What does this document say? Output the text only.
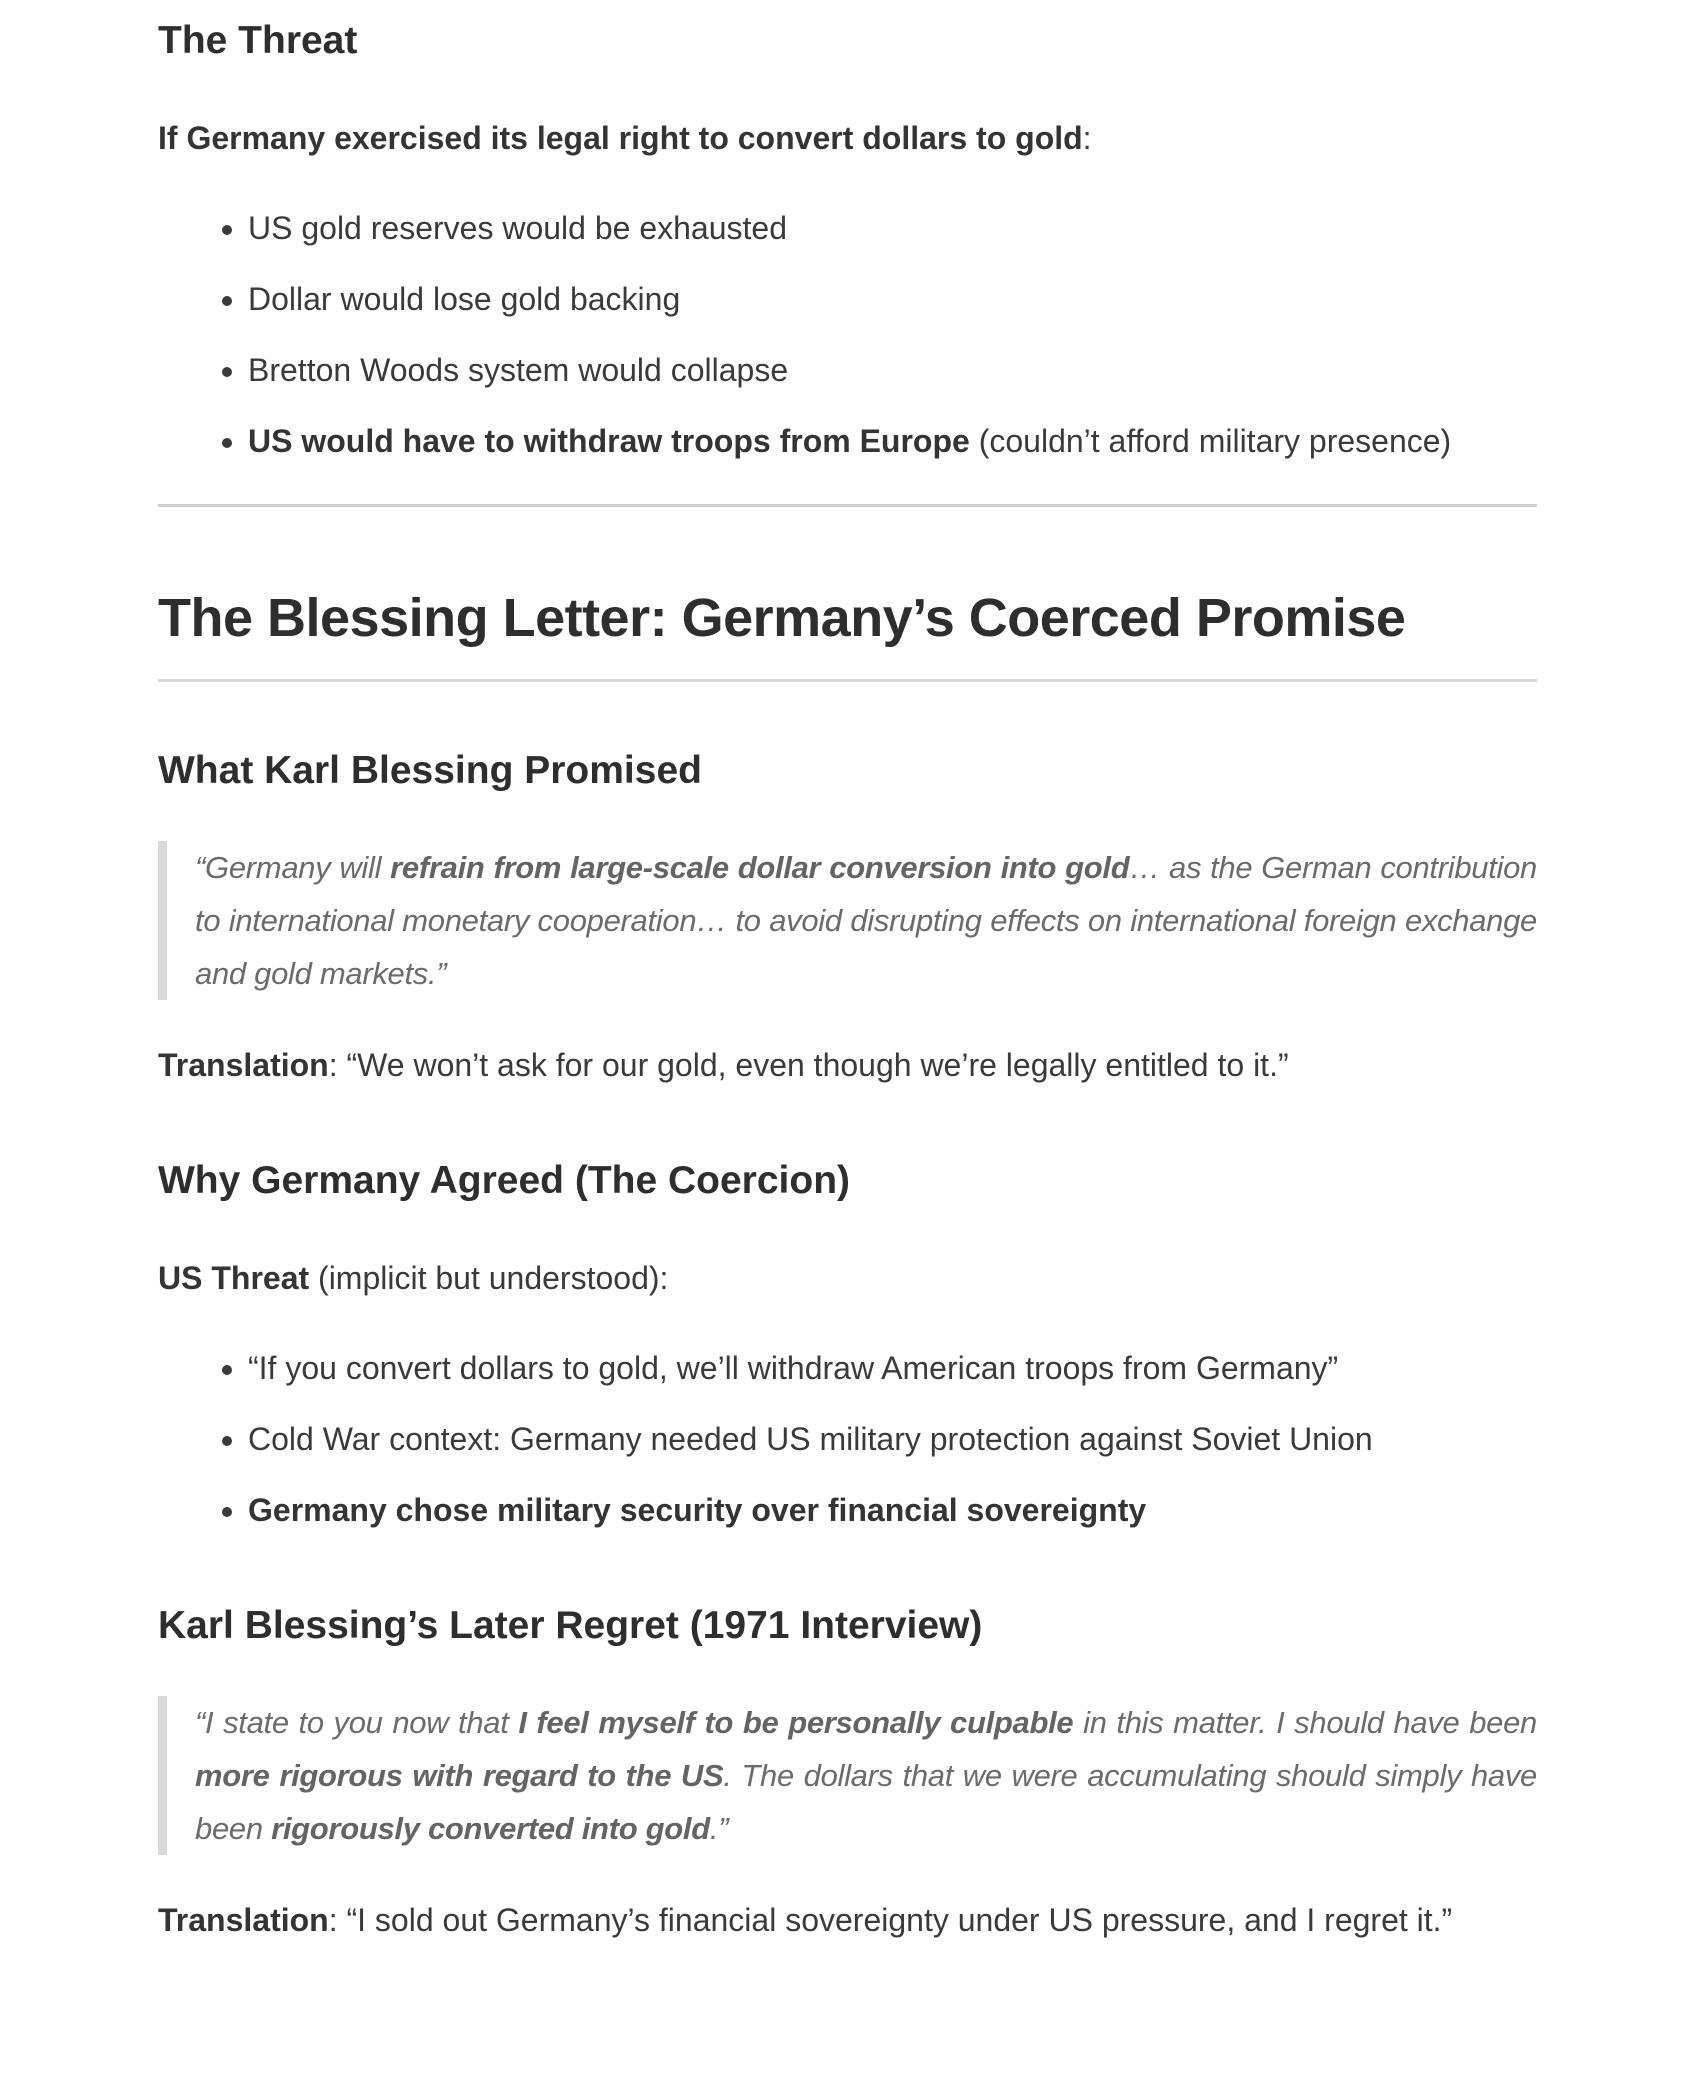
The Threat

If Germany exercised its legal right to convert dollars to gold:

• US gold reserves would be exhausted
• Dollar would lose gold backing
• Bretton Woods system would collapse
• US would have to withdraw troops from Europe (couldn’t afford military presence)
The Blessing Letter: Germany’s Coerced Promise
What Karl Blessing Promised

“Germany will refrain from large-scale dollar conversion into gold… as the German contribution to international monetary cooperation… to avoid disrupting effects on international foreign exchange and gold markets.”

Translation: “We won’t ask for our gold, even though we’re legally entitled to it.”

Why Germany Agreed (The Coercion)

US Threat (implicit but understood):

• “If you convert dollars to gold, we’ll withdraw American troops from Germany”
• Cold War context: Germany needed US military protection against Soviet Union
• Germany chose military security over financial sovereignty
Karl Blessing’s Later Regret (1971 Interview)

“I state to you now that I feel myself to be personally culpable in this matter. I should have been more rigorous with regard to the US. The dollars that we were accumulating should simply have been rigorously converted into gold.”

Translation: “I sold out Germany’s financial sovereignty under US pressure, and I regret it.”
